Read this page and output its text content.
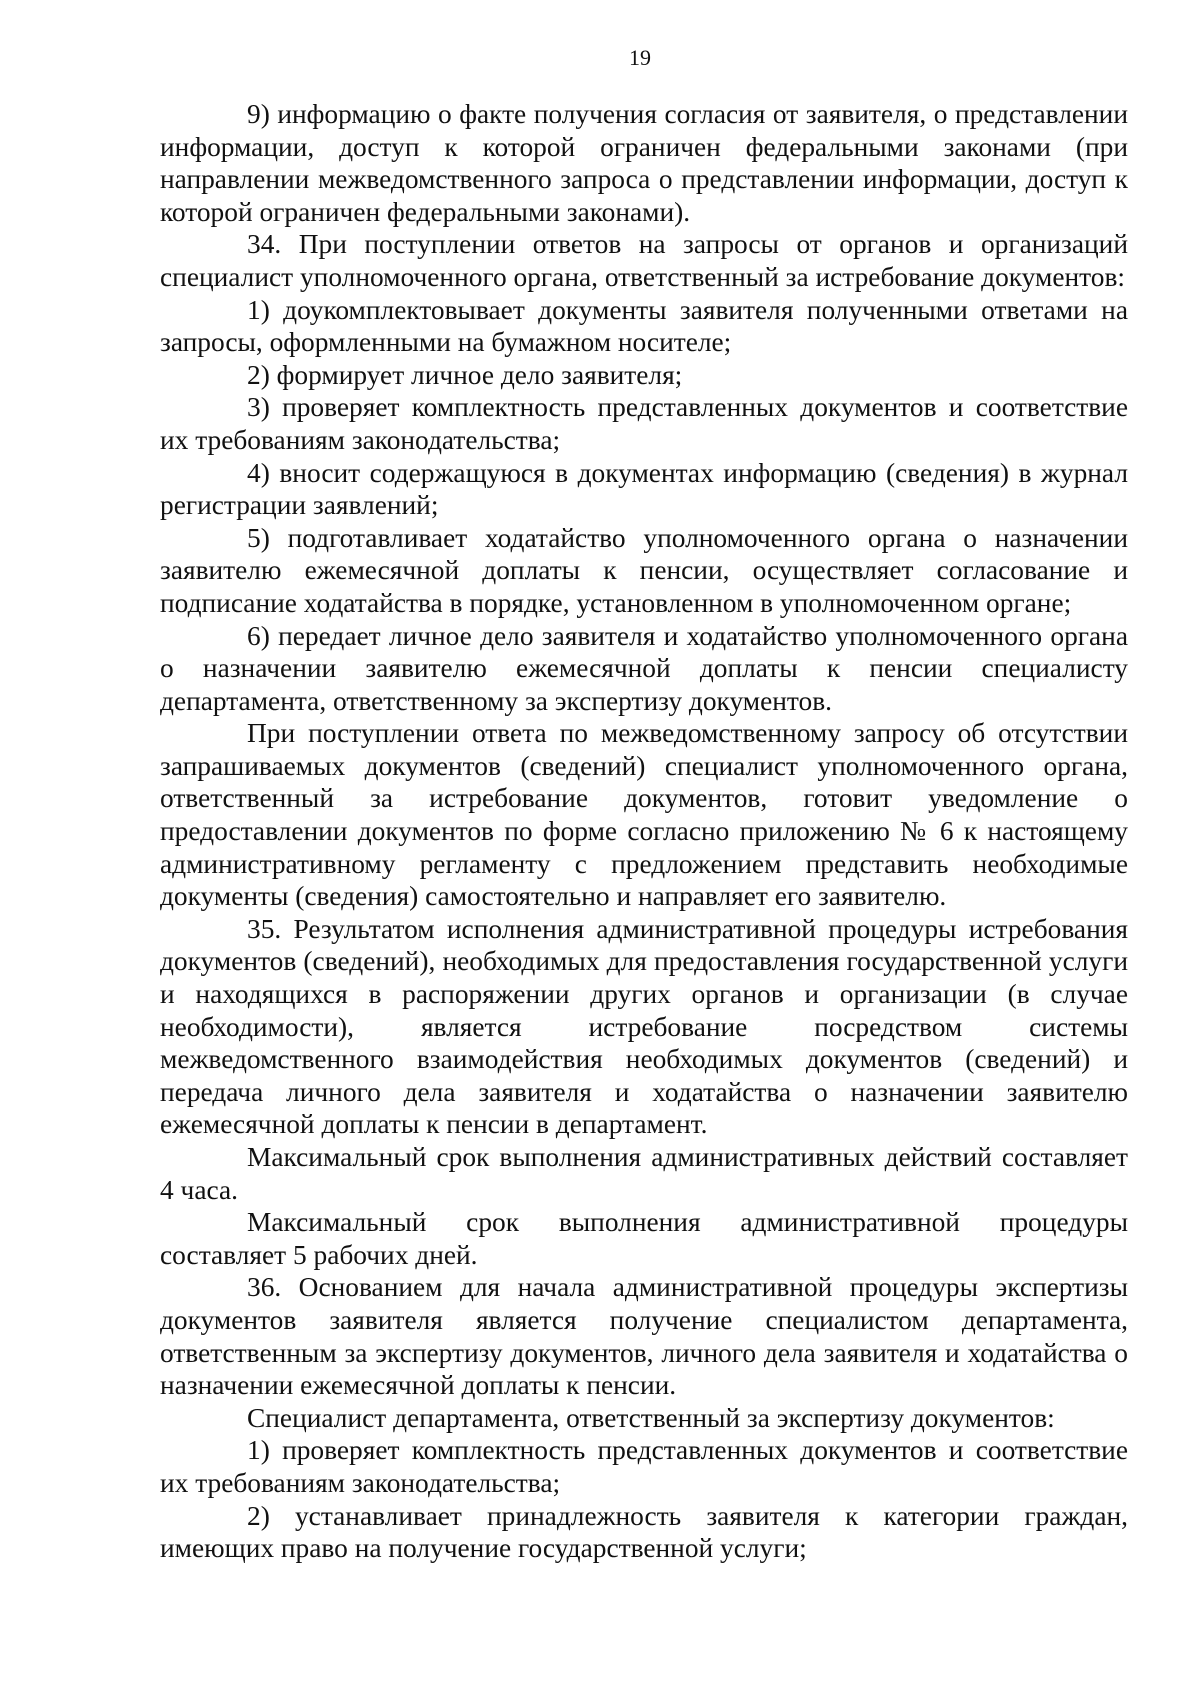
19

9) информацию о факте получения согласия от заявителя, о представлении информации, доступ к которой ограничен федеральными законами (при направлении межведомственного запроса о представлении информации, доступ к которой ограничен федеральными законами).

34. При поступлении ответов на запросы от органов и организаций специалист уполномоченного органа, ответственный за истребование документов:

1) доукомплектовывает документы заявителя полученными ответами на запросы, оформленными на бумажном носителе;

2) формирует личное дело заявителя;

3) проверяет комплектность представленных документов и соответствие их требованиям законодательства;

4) вносит содержащуюся в документах информацию (сведения) в журнал регистрации заявлений;

5) подготавливает ходатайство уполномоченного органа о назначении заявителю ежемесячной доплаты к пенсии, осуществляет согласование и подписание ходатайства в порядке, установленном в уполномоченном органе;

6) передает личное дело заявителя и ходатайство уполномоченного органа о назначении заявителю ежемесячной доплаты к пенсии специалисту департамента, ответственному за экспертизу документов.

При поступлении ответа по межведомственному запросу об отсутствии запрашиваемых документов (сведений) специалист уполномоченного органа, ответственный за истребование документов, готовит уведомление о предоставлении документов по форме согласно приложению № 6 к настоящему административному регламенту с предложением представить необходимые документы (сведения) самостоятельно и направляет его заявителю.

35. Результатом исполнения административной процедуры истребования документов (сведений), необходимых для предоставления государственной услуги и находящихся в распоряжении других органов и организации (в случае необходимости), является истребование посредством системы межведомственного взаимодействия необходимых документов (сведений) и передача личного дела заявителя и ходатайства о назначении заявителю ежемесячной доплаты к пенсии в департамент.

Максимальный срок выполнения административных действий составляет 4 часа.

Максимальный срок выполнения административной процедуры составляет 5 рабочих дней.

36. Основанием для начала административной процедуры экспертизы документов заявителя является получение специалистом департамента, ответственным за экспертизу документов, личного дела заявителя и ходатайства о назначении ежемесячной доплаты к пенсии.

Специалист департамента, ответственный за экспертизу документов:

1) проверяет комплектность представленных документов и соответствие их требованиям законодательства;

2) устанавливает принадлежность заявителя к категории граждан, имеющих право на получение государственной услуги;
